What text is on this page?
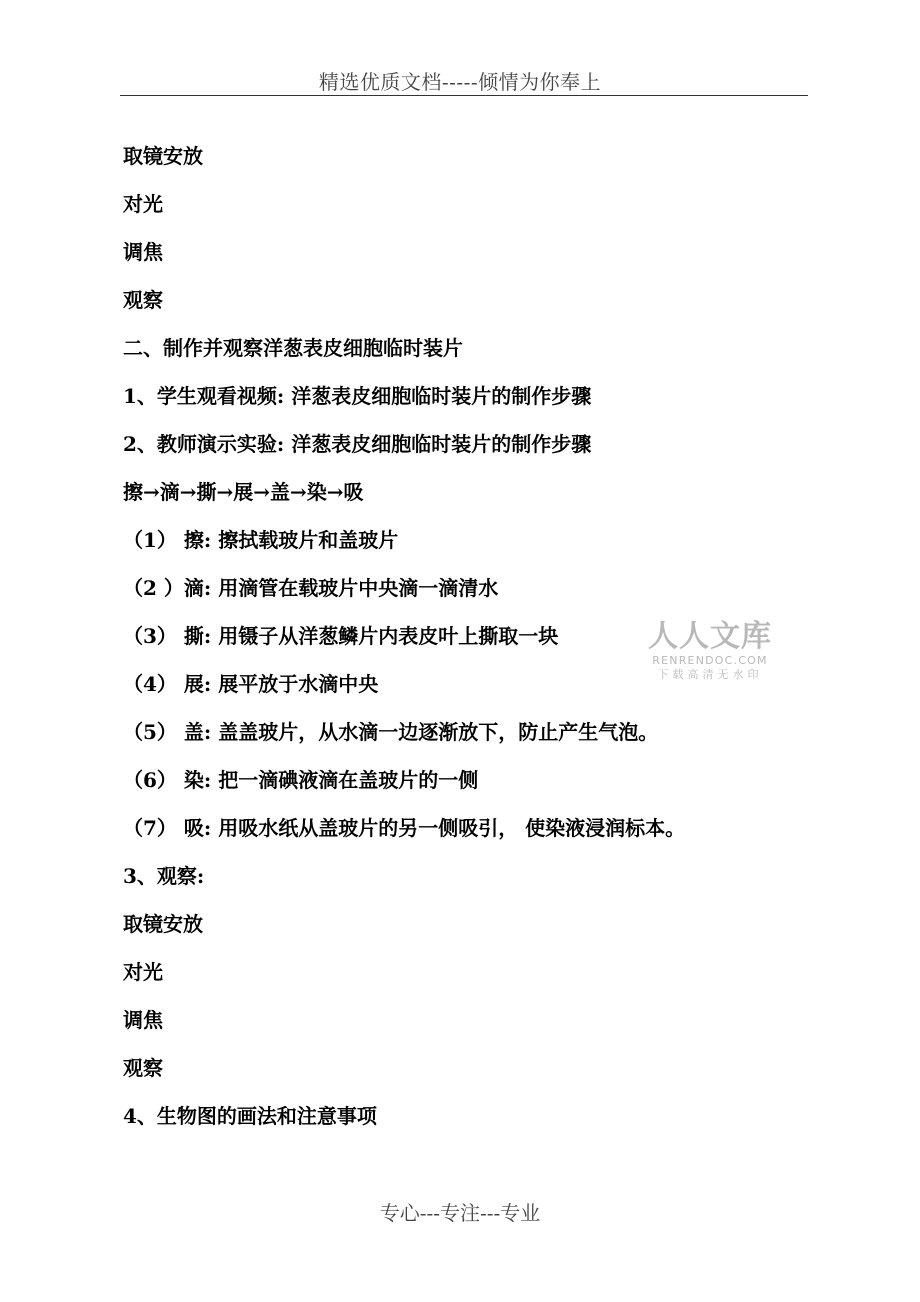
精选优质文档-----倾情为你奉上
取镜安放
对光
调焦
观察
二、制作并观察洋葱表皮细胞临时装片
1、学生观看视频: 洋葱表皮细胞临时装片的制作步骤
2、教师演示实验: 洋葱表皮细胞临时装片的制作步骤
擦→滴→撕→展→盖→染→吸
（1） 擦: 擦拭载玻片和盖玻片
（2 ）滴: 用滴管在载玻片中央滴一滴清水
（3） 撕: 用镊子从洋葱鳞片内表皮叶上撕取一块
（4） 展: 展平放于水滴中央
（5） 盖: 盖盖玻片，从水滴一边逐渐放下，防止产生气泡。
（6） 染: 把一滴碘液滴在盖玻片的一侧
（7） 吸: 用吸水纸从盖玻片的另一侧吸引， 使染液浸润标本。
3、观察:
取镜安放
对光
调焦
观察
4、生物图的画法和注意事项
人人文库
RENRENDOC.COM
下载高清无水印
专心---专注---专业
